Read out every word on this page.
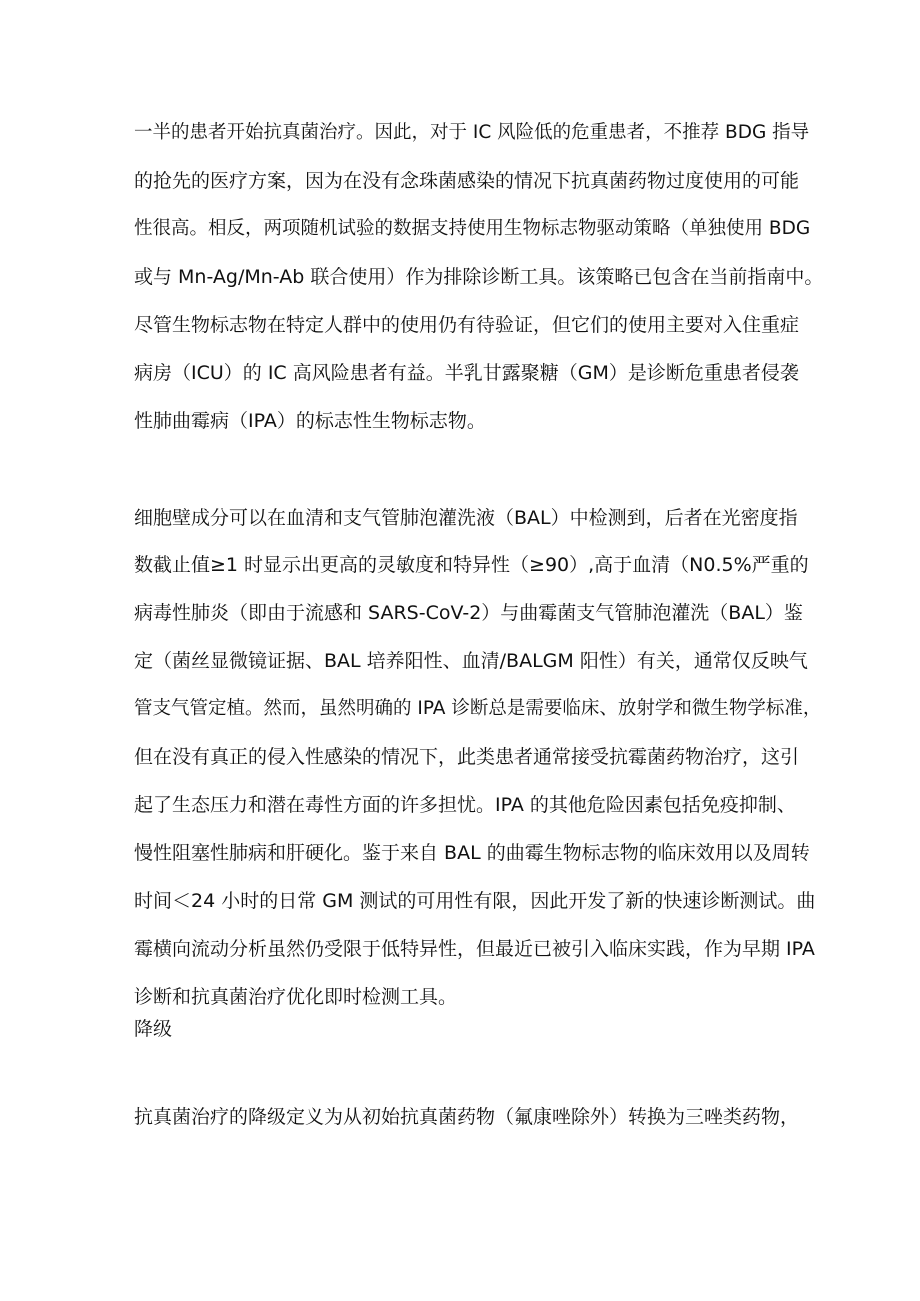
一半的患者开始抗真菌治疗。因此，对于 IC 风险低的危重患者，不推荐 BDG 指导
的抢先的医疗方案，因为在没有念珠菌感染的情况下抗真菌药物过度使用的可能
性很高。相反，两项随机试验的数据支持使用生物标志物驱动策略（单独使用 BDG
或与 Mn-Ag/Mn-Ab 联合使用）作为排除诊断工具。该策略已包含在当前指南中。
尽管生物标志物在特定人群中的使用仍有待验证，但它们的使用主要对入住重症
病房（ICU）的 IC 高风险患者有益。半乳甘露聚糖（GM）是诊断危重患者侵袭
性肺曲霉病（IPA）的标志性生物标志物。
细胞壁成分可以在血清和支气管肺泡灌洗液（BAL）中检测到，后者在光密度指
数截止值≥1 时显示出更高的灵敏度和特异性（≥90）,高于血清（N0.5%严重的
病毒性肺炎（即由于流感和 SARS-CoV-2）与曲霉菌支气管肺泡灌洗（BAL）鉴
定（菌丝显微镜证据、BAL 培养阳性、血清/BALGM 阳性）有关，通常仅反映气
管支气管定植。然而，虽然明确的 IPA 诊断总是需要临床、放射学和微生物学标准，
但在没有真正的侵入性感染的情况下，此类患者通常接受抗霉菌药物治疗，这引
起了生态压力和潜在毒性方面的许多担忧。IPA 的其他危险因素包括免疫抑制、
慢性阻塞性肺病和肝硬化。鉴于来自 BAL 的曲霉生物标志物的临床效用以及周转
时间＜24 小时的日常 GM 测试的可用性有限，因此开发了新的快速诊断测试。曲
霉横向流动分析虽然仍受限于低特异性，但最近已被引入临床实践，作为早期 IPA
诊断和抗真菌治疗优化即时检测工具。
降级
抗真菌治疗的降级定义为从初始抗真菌药物（氟康唑除外）转换为三唑类药物，
